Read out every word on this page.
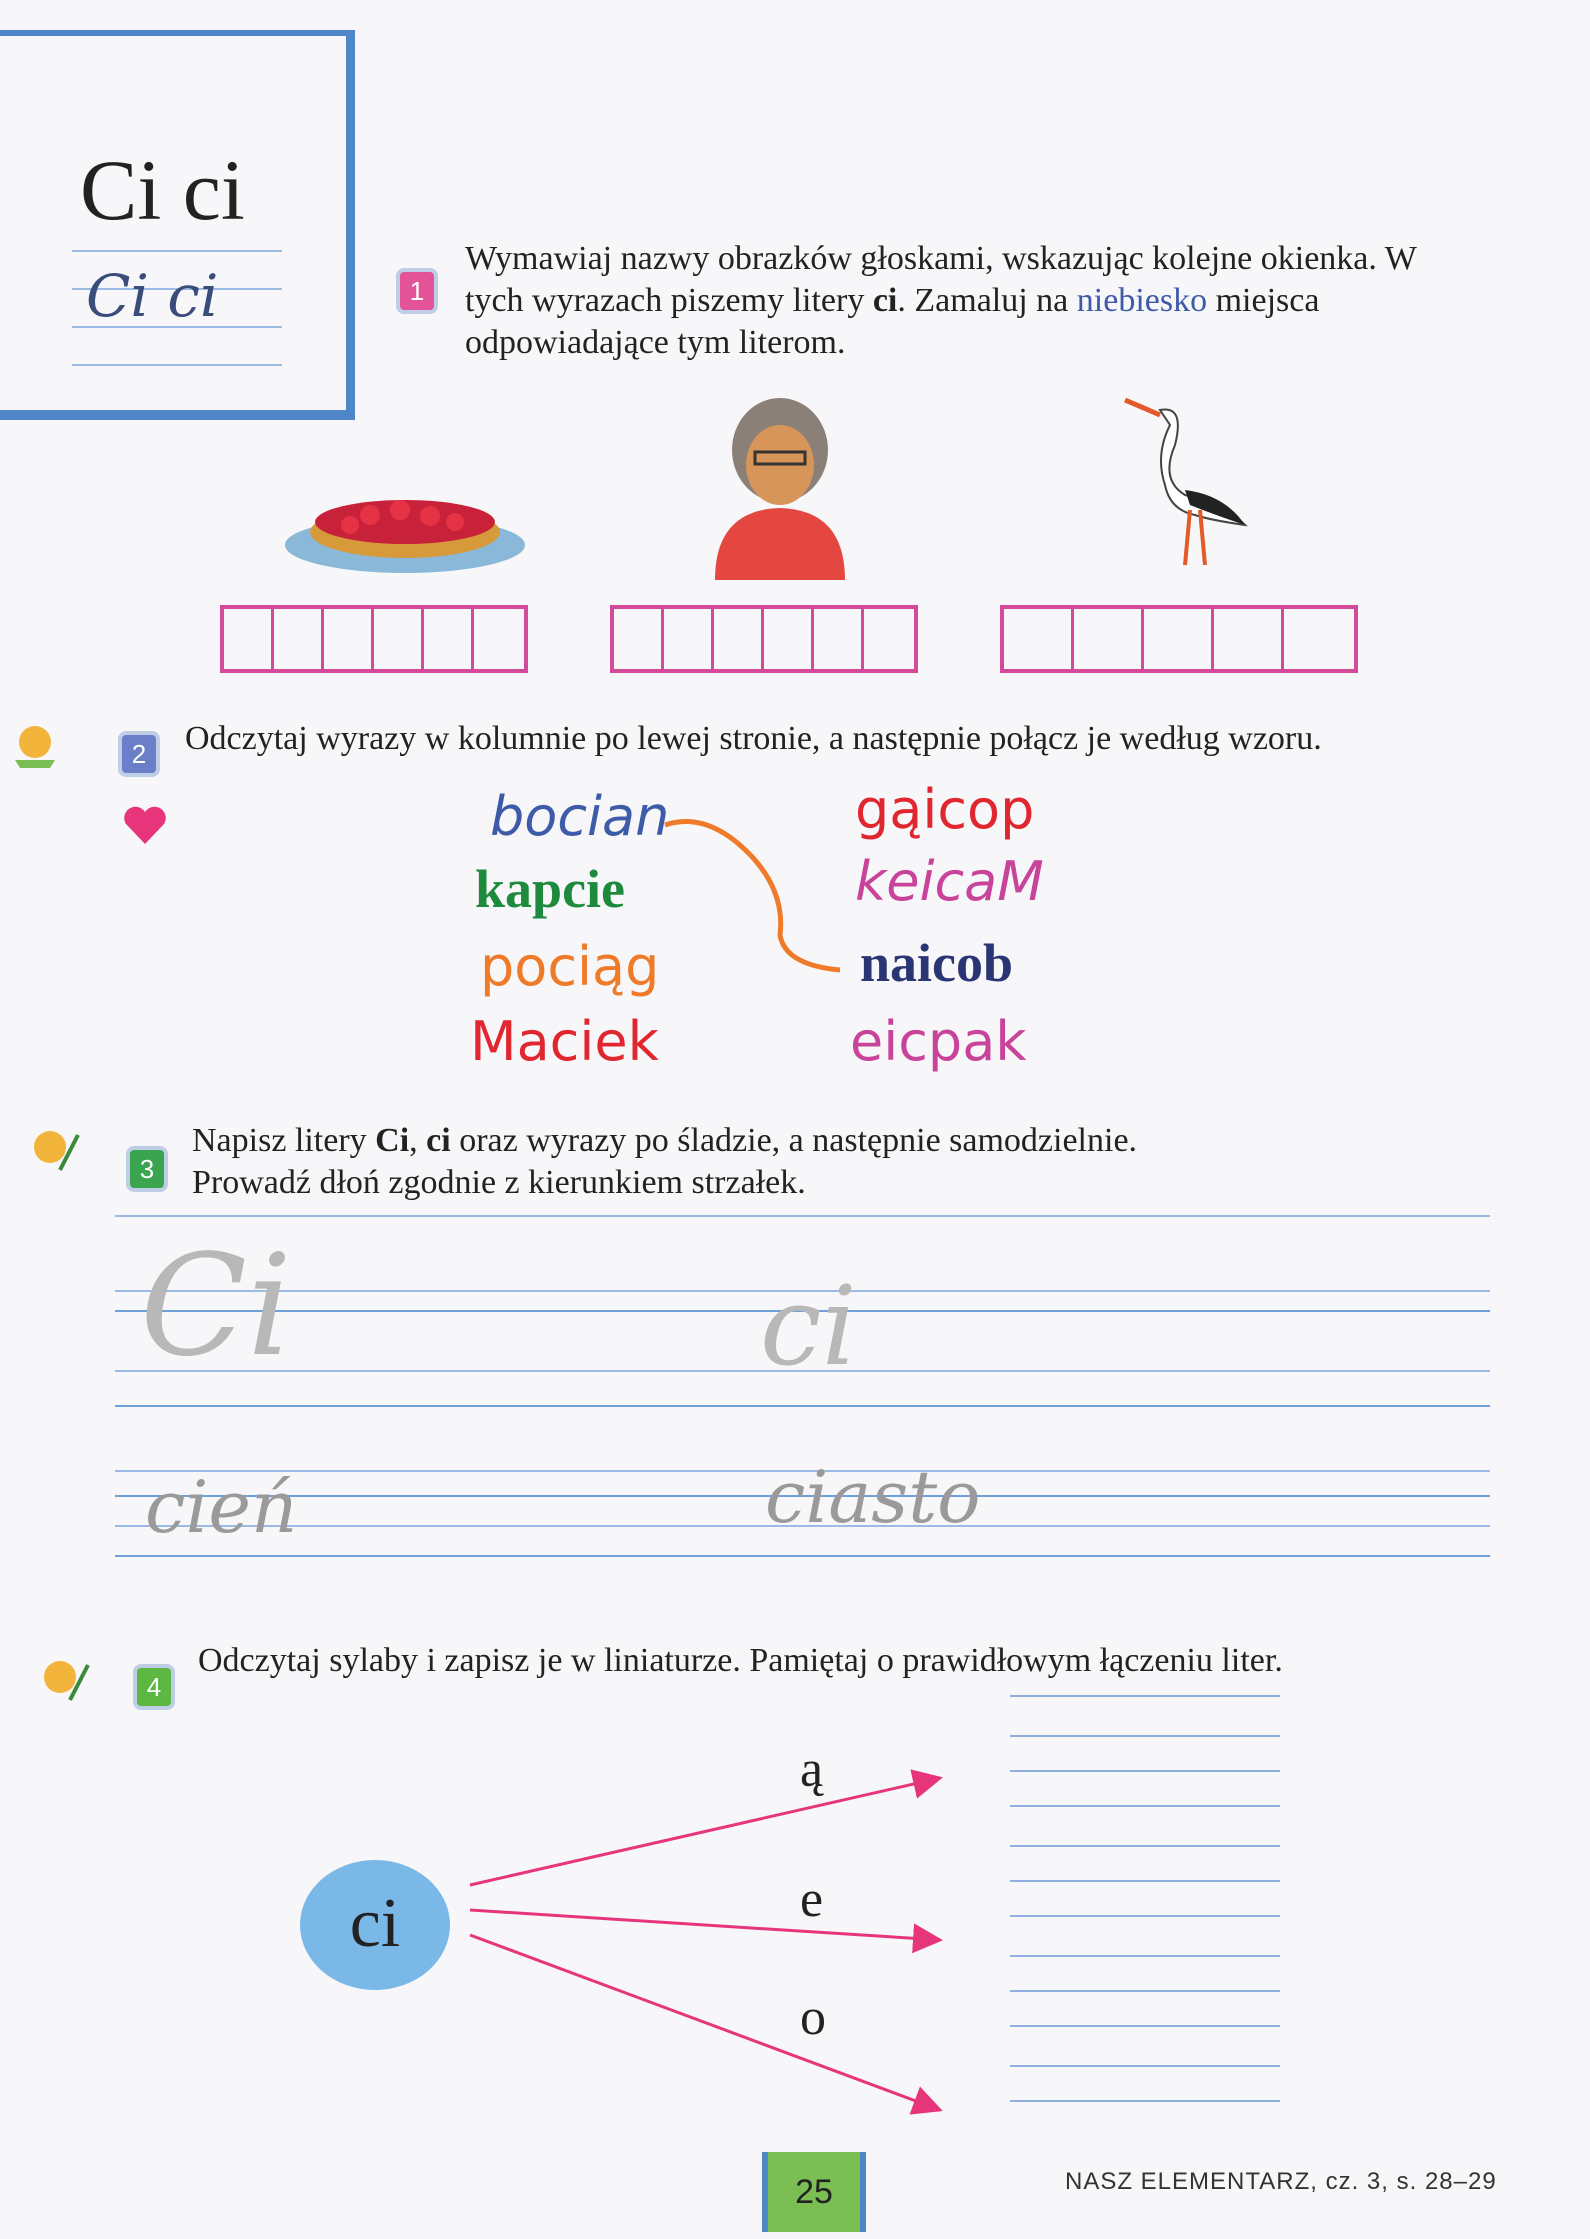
Ci ci
Ci ci	1
Wymawiaj nazwy obrazków głoskami, wskazując kolejne okienka. W tych wyrazach piszemy litery ci. Zamaluj na niebiesko miejsca odpowiadające tym literom.
2 Odczytaj wyrazy w kolumnie po lewej stronie, a następnie połącz je według wzoru.
bocian
kapcie
pociąg
Maciek
gąicop
keicaM
naicob
eicpak
3
Napisz litery Ci, ci oraz wyrazy po śladzie, a następnie samodzielnie.
Prowadź dłoń zgodnie z kierunkiem strzałek.
Ci	ci
cień	ciasto
4
Odczytaj sylaby i zapisz je w liniaturze. Pamiętaj o prawidłowym łączeniu liter.
ci
ą
e
o
25	NASZ ELEMENTARZ, cz. 3, s. 28–29
